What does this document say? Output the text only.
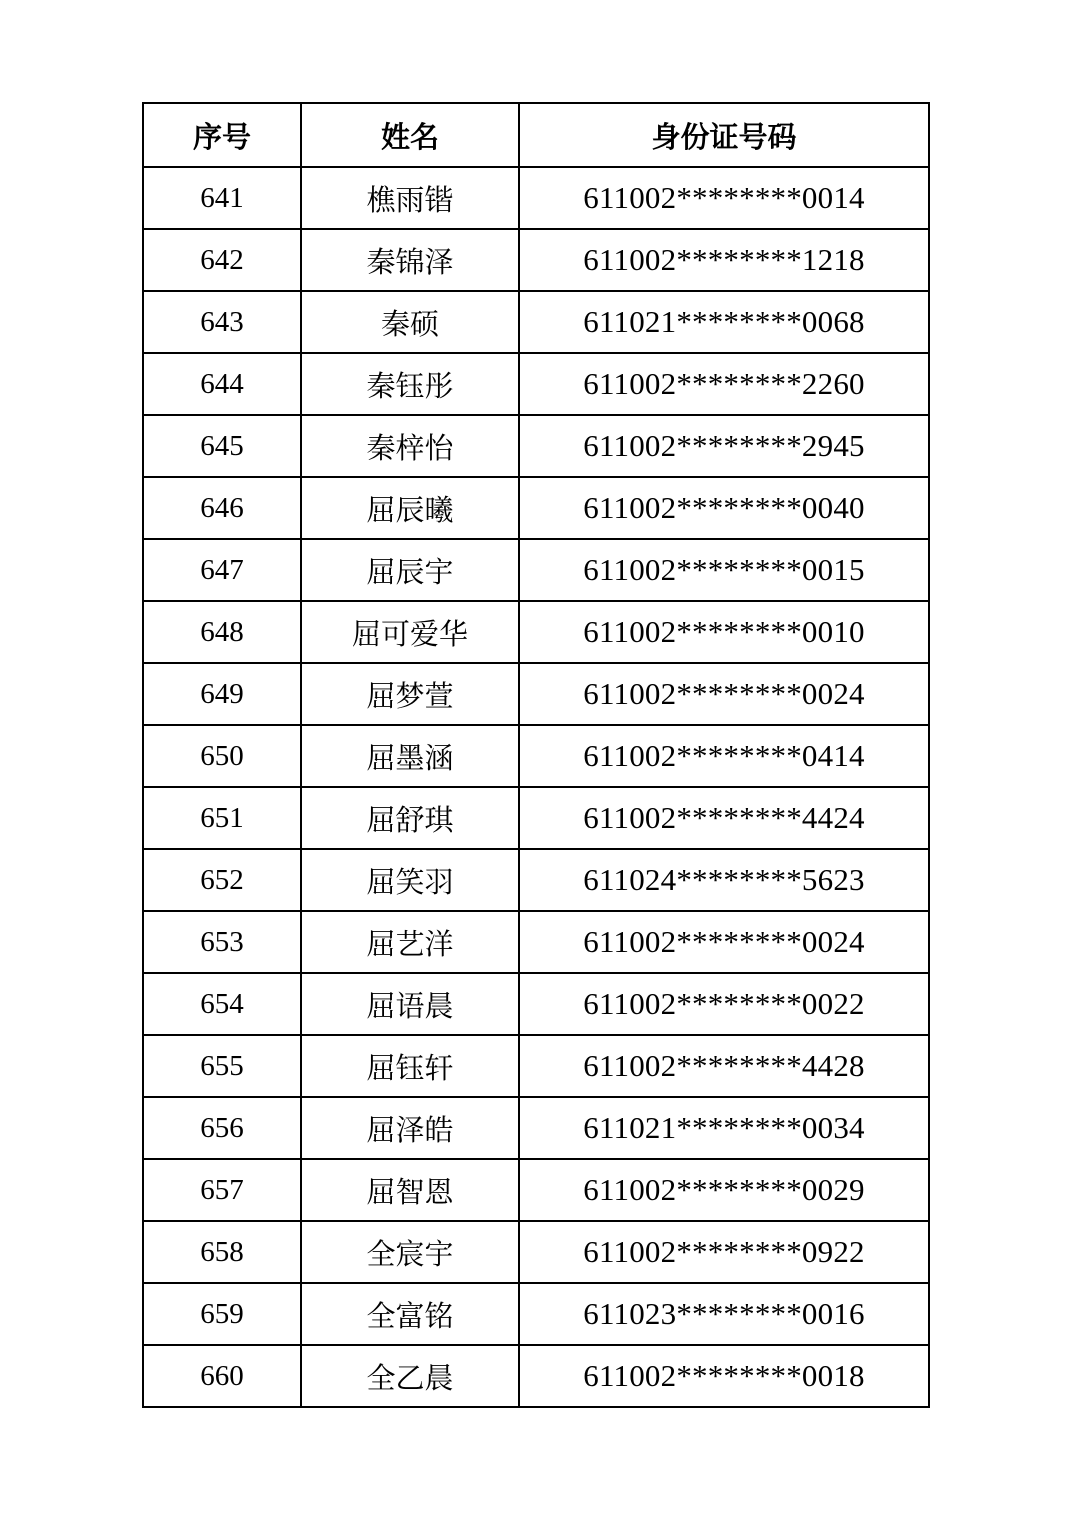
序号	姓名	身份证号码
641	樵雨锴	611002********0014
642	秦锦泽	611002********1218
643	秦硕	611021********0068
644	秦钰彤	611002********2260
645	秦梓怡	611002********2945
646	屈辰曦	611002********0040
647	屈辰宇	611002********0015
648	屈可爱华	611002********0010
649	屈梦萱	611002********0024
650	屈墨涵	611002********0414
651	屈舒琪	611002********4424
652	屈笑羽	611024********5623
653	屈艺洋	611002********0024
654	屈语晨	611002********0022
655	屈钰轩	611002********4428
656	屈泽皓	611021********0034
657	屈智恩	611002********0029
658	全宸宇	611002********0922
659	全富铭	611023********0016
660	全乙晨	611002********0018
